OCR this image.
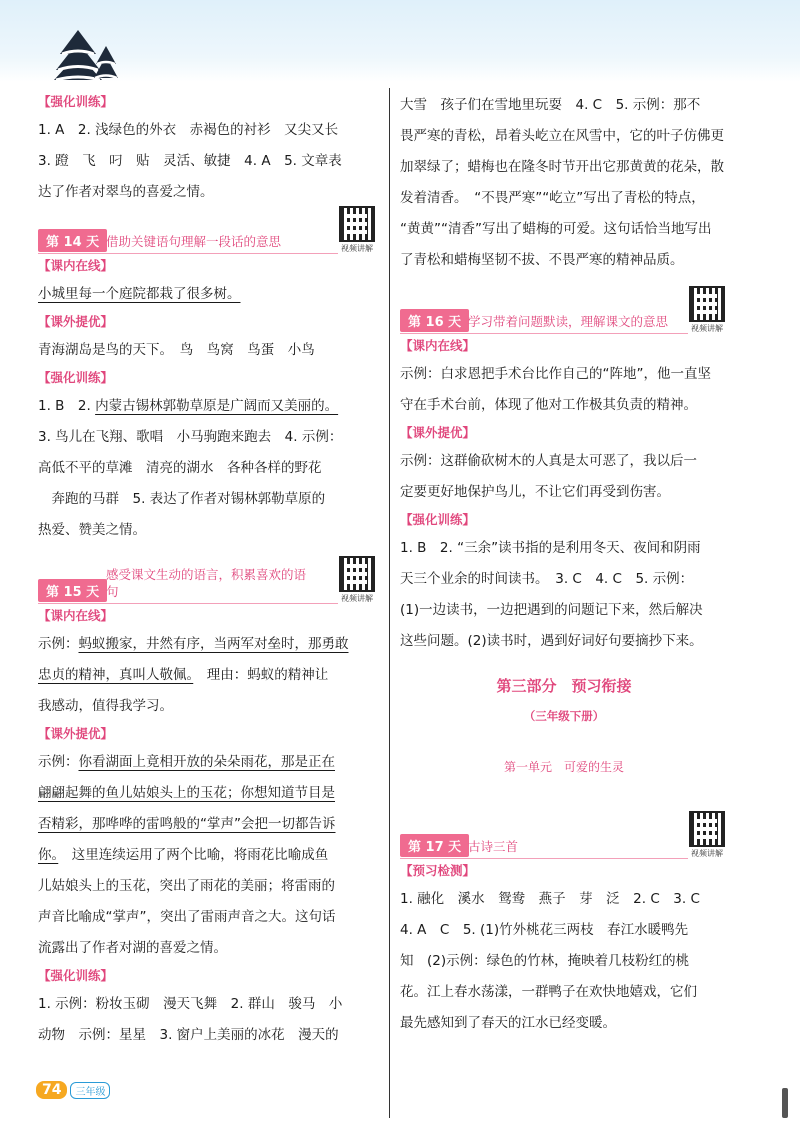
【强化训练】

1. A　2. 浅绿色的外衣　赤褐色的衬衫　又尖又长

3. 蹬　飞　叼　贴　灵活、敏捷　4. A　5. 文章表

达了作者对翠鸟的喜爱之情。

第 14 天 借助关键语句理解一段话的意思	视频讲解
【课内在线】

小城里每一个庭院都栽了很多树。

【课外提优】

青海湖岛是鸟的天下。　鸟　鸟窝　鸟蛋　小鸟

【强化训练】

1. B　2. 内蒙古锡林郭勒草原是广阔而又美丽的。

3. 鸟儿在飞翔、歌唱　小马驹跑来跑去　4. 示例：

高低不平的草滩　清亮的湖水　各种各样的野花

　奔跑的马群　5. 表达了作者对锡林郭勒草原的

热爱、赞美之情。

第 15 天
感受课文生动的语言，积累喜欢的语句	视频讲解
【课内在线】

示例：蚂蚁搬家，井然有序，当两军对垒时，那勇敢

忠贞的精神，真叫人敬佩。　理由：蚂蚁的精神让

我感动，值得我学习。

【课外提优】

示例：你看湖面上竟相开放的朵朵雨花，那是正在

翩翩起舞的鱼儿姑娘头上的玉花；你想知道节目是

否精彩，那哗哗的雷鸣般的“掌声”会把一切都告诉

你。　这里连续运用了两个比喻，将雨花比喻成鱼

儿姑娘头上的玉花，突出了雨花的美丽；将雷雨的

声音比喻成“掌声”，突出了雷雨声音之大。这句话

流露出了作者对湖的喜爱之情。

【强化训练】

1. 示例：粉妆玉砌　漫天飞舞　2. 群山　骏马　小

动物　示例：星星　3. 窗户上美丽的冰花　漫天的

大雪　孩子们在雪地里玩耍　4. C　5. 示例：那不

畏严寒的青松，昂着头屹立在风雪中，它的叶子仿佛更

加翠绿了；蜡梅也在隆冬时节开出它那黄黄的花朵，散

发着清香。　“不畏严寒”“屹立”写出了青松的特点，

“黄黄”“清香”写出了蜡梅的可爱。这句话恰当地写出

了青松和蜡梅坚韧不拔、不畏严寒的精神品质。

第 16 天 学习带着问题默读，理解课文的意思	视频讲解
【课内在线】

示例：白求恩把手术台比作自己的“阵地”，他一直坚

守在手术台前，体现了他对工作极其负责的精神。

【课外提优】

示例：这群偷砍树木的人真是太可恶了，我以后一

定要更好地保护鸟儿，不让它们再受到伤害。

【强化训练】

1. B　2. “三余”读书指的是利用冬天、夜间和阴雨

天三个业余的时间读书。　3. C　4. C　5. 示例：

(1)一边读书，一边把遇到的问题记下来，然后解决

这些问题。(2)读书时，遇到好词好句要摘抄下来。

第三部分　预习衔接
（三年级下册）
第一单元　可爱的生灵
第 17 天 古诗三首	视频讲解
【预习检测】

1. 融化　溪水　鸳鸯　燕子　芽　泛　2. C　3. C

4. A　C　5. (1)竹外桃花三两枝　春江水暖鸭先

知　(2)示例：绿色的竹林，掩映着几枝粉红的桃

花。江上春水荡漾，一群鸭子在欢快地嬉戏，它们

最先感知到了春天的江水已经变暖。

74	三年级
